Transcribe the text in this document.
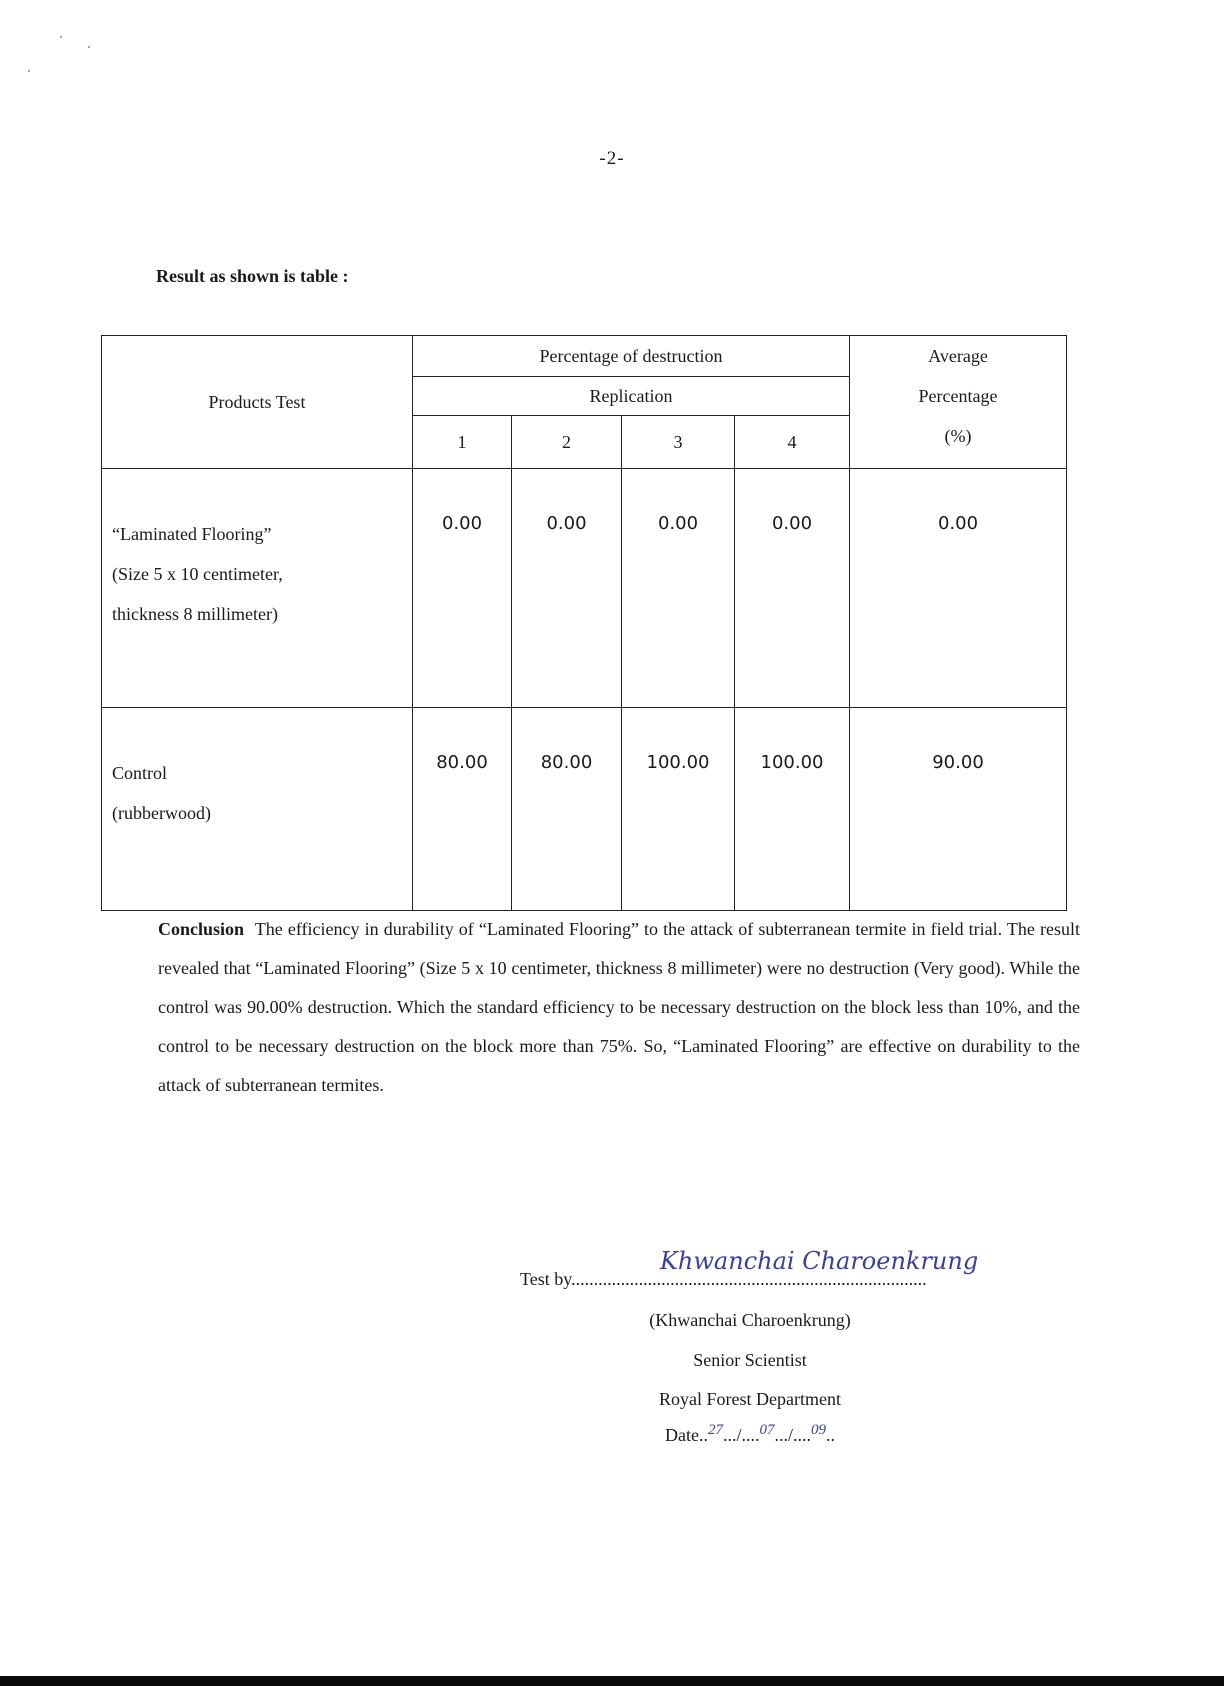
-2-
Result as shown is table :
Products Test	Percentage of destruction				Average
Percentage
(%)

	Replication				
	1	2	3	4	

“Laminated Flooring”
(Size 5 x 10 centimeter,
thickness 8 millimeter)	0.00	0.00	0.00	0.00	0.00

Control
(rubberwood)	80.00	80.00	100.00	100.00	90.00
Conclusion The efficiency in durability of “Laminated Flooring” to the attack of subterranean termite in field trial. The result revealed that “Laminated Flooring” (Size 5 x 10 centimeter, thickness 8 millimeter) were no destruction (Very good). While the control was 90.00% destruction. Which the standard efficiency to be necessary destruction on the block less than 10%, and the control to be necessary destruction on the block more than 75%. So, “Laminated Flooring” are effective on durability to the attack of subterranean termites.
Test by...............................................................................
Khwanchai Charoenkrung
(Khwanchai Charoenkrung)
Senior Scientist
Royal Forest Department
Date..$^{27}$.../....$^{07}$.../....$^{09}$..
